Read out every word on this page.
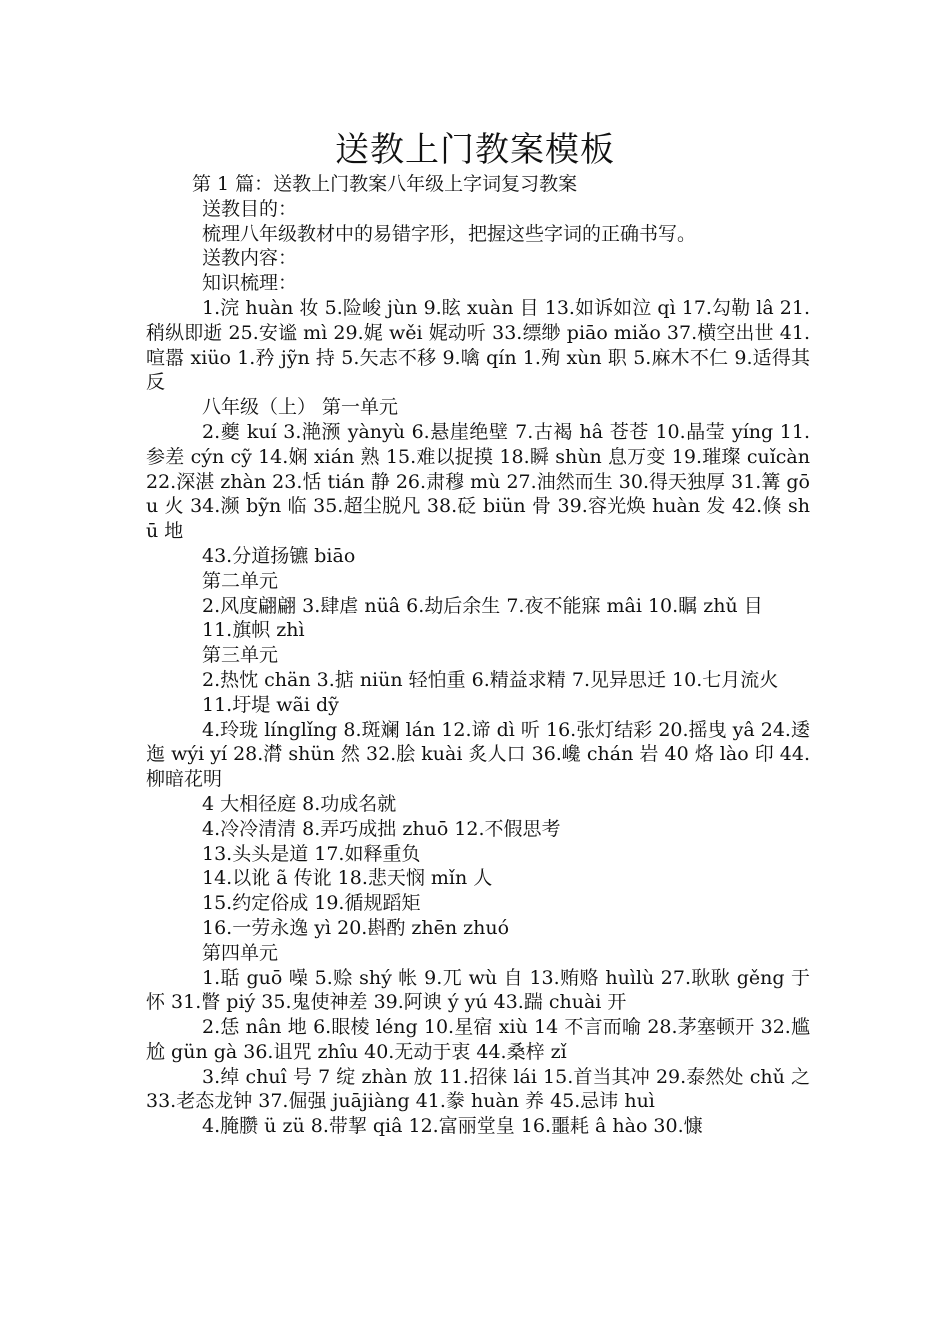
送教上门教案模板

第 1 篇：送教上门教案八年级上字词复习教案

送教目的：

梳理八年级教材中的易错字形，把握这些字词的正确书写。

送教内容：

知识梳理：

1.浣 huàn 妆 5.险峻 jùn 9.眩 xuàn 目 13.如诉如泣 qì 17.勾勒 lâ 21.稍纵即逝 25.安谧 mì 29.娓 wěi 娓动听 33.缥缈 piāo miǎo 37.横空出世 41.喧嚣 xiüo 1.矜 jỹn 持 5.矢志不移 9.噙 qín 1.殉 xùn 职 5.麻木不仁 9.适得其反

八年级（上） 第一单元

2.夔 kuí 3.滟滪 yànyù 6.悬崖绝壁 7.古褐 hâ 苍苍 10.晶莹 yíng 11.参差 cýn cỹ 14.娴 xián 熟 15.难以捉摸 18.瞬 shùn 息万变 19.璀璨 cuǐcàn 22.深湛 zhàn 23.恬 tián 静 26.肃穆 mù 27.油然而生 30.得天独厚 31.篝 gōu 火 34.濒 bỹn 临 35.超尘脱凡 38.砭 biün 骨 39.容光焕 huàn 发 42.倏 shū 地

43.分道扬镳 biāo

第二单元

2.风度翩翩 3.肆虐 nüâ 6.劫后余生 7.夜不能寐 mâi 10.瞩 zhǔ 目

11.旗帜 zhì

第三单元

2.热忱 chän 3.掂 niün 轻怕重 6.精益求精 7.见异思迁 10.七月流火

11.圩堤 wãi dỹ

4.玲珑 línglǐng 8.斑斓 lán 12.谛 dì 听 16.张灯结彩 20.摇曳 yâ 24.逶迤 wýi yí 28.潸 shün 然 32.脍 kuài 炙人口 36.巉 chán 岩 40 烙 lào 印 44.柳暗花明

4 大相径庭 8.功成名就

4.冷冷清清 8.弄巧成拙 zhuō 12.不假思考

13.头头是道 17.如释重负

14.以讹 ã 传讹 18.悲天悯 mǐn 人

15.约定俗成 19.循规蹈矩

16.一劳永逸 yì 20.斟酌 zhēn zhuó

第四单元

1.聒 guō 噪 5.赊 shý 帐 9.兀 wù 自 13.贿赂 huìlù 27.耿耿 gěng 于怀 31.瞥 piý 35.鬼使神差 39.阿谀 ý yú 43.踹 chuài 开

2.恁 nân 地 6.眼棱 léng 10.星宿 xiù 14 不言而喻 28.茅塞顿开 32.尴尬 gün gà 36.诅咒 zhîu 40.无动于衷 44.桑梓 zǐ

3.绰 chuî 号 7 绽 zhàn 放 11.招徕 lái 15.首当其冲 29.泰然处 chǔ 之 33.老态龙钟 37.倔强 juājiàng 41.豢 huàn 养 45.忌讳 huì

4.腌臜 ü zü 8.带挈 qiâ 12.富丽堂皇 16.噩耗 â hào 30.慷
